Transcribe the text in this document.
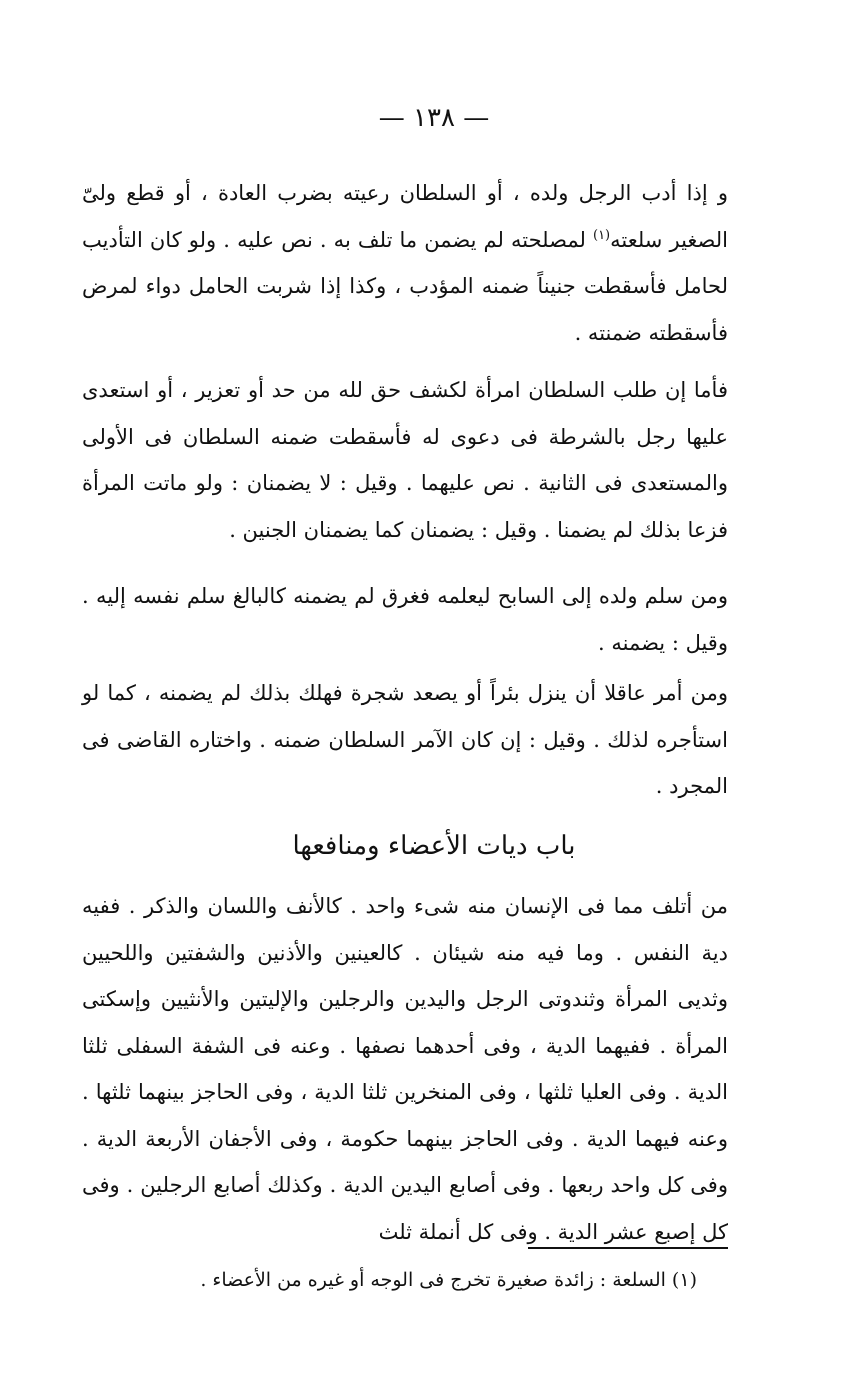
— ١٣٨ —

و إذا أدب الرجل ولده ، أو السلطان رعيته بضرب العادة ، أو قطع ولىّ الصغير سلعته$^{(١)}$ لمصلحته لم يضمن ما تلف به . نص عليه . ولو كان التأديب لحامل فأسقطت جنيناً ضمنه المؤدب ، وكذا إذا شربت الحامل دواء لمرض فأسقطته ضمنته .

فأما إن طلب السلطان امرأة لكشف حق لله من حد أو تعزير ، أو استعدى عليها رجل بالشرطة فى دعوى له فأسقطت ضمنه السلطان فى الأولى والمستعدى فى الثانية . نص عليهما . وقيل : لا يضمنان : ولو ماتت المرأة فزعا بذلك لم يضمنا . وقيل : يضمنان كما يضمنان الجنين .

ومن سلم ولده إلى السابح ليعلمه فغرق لم يضمنه كالبالغ سلم نفسه إليه . وقيل : يضمنه .

ومن أمر عاقلا أن ينزل بئراً أو يصعد شجرة فهلك بذلك لم يضمنه ، كما لو استأجره لذلك . وقيل : إن كان الآمر السلطان ضمنه . واختاره القاضى فى المجرد .

باب ديات الأعضاء ومنافعها

من أتلف مما فى الإنسان منه شىء واحد . كالأنف واللسان والذكر . ففيه دية النفس . وما فيه منه شيئان . كالعينين والأذنين والشفتين واللحيين وثديى المرأة وثندوتى الرجل واليدين والرجلين والإليتين والأنثيين وإسكتى المرأة . ففيهما الدية ، وفى أحدهما نصفها . وعنه فى الشفة السفلى ثلثا الدية . وفى العليا ثلثها ، وفى المنخرين ثلثا الدية ، وفى الحاجز بينهما ثلثها . وعنه فيهما الدية . وفى الحاجز بينهما حكومة ، وفى الأجفان الأربعة الدية . وفى كل واحد ربعها . وفى أصابع اليدين الدية . وكذلك أصابع الرجلين . وفى كل إصبع عشر الدية . وفى كل أنملة ثلث

(١) السلعة : زائدة صغيرة تخرج فى الوجه أو غيره من الأعضاء .
